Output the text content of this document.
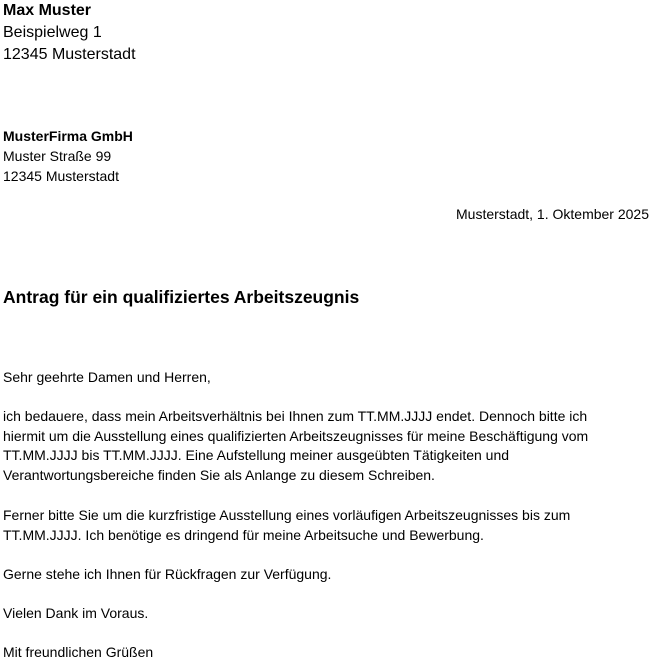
Max Muster
Beispielweg 1
12345 Musterstadt
MusterFirma GmbH
Muster Straße 99
12345 Musterstadt
Musterstadt, 1. Oktember 2025
Antrag für ein qualifiziertes Arbeitszeugnis

Sehr geehrte Damen und Herren,

ich bedauere, dass mein Arbeitsverhältnis bei Ihnen zum TT.MM.JJJJ endet. Dennoch bitte ich
hiermit um die Ausstellung eines qualifizierten Arbeitszeugnisses für meine Beschäftigung vom
TT.MM.JJJJ bis TT.MM.JJJJ. Eine Aufstellung meiner ausgeübten Tätigkeiten und
Verantwortungsbereiche finden Sie als Anlange zu diesem Schreiben.

Ferner bitte Sie um die kurzfristige Ausstellung eines vorläufigen Arbeitszeugnisses bis zum
TT.MM.JJJJ. Ich benötige es dringend für meine Arbeitsuche und Bewerbung.

Gerne stehe ich Ihnen für Rückfragen zur Verfügung.

Vielen Dank im Voraus.

Mit freundlichen Grüßen
